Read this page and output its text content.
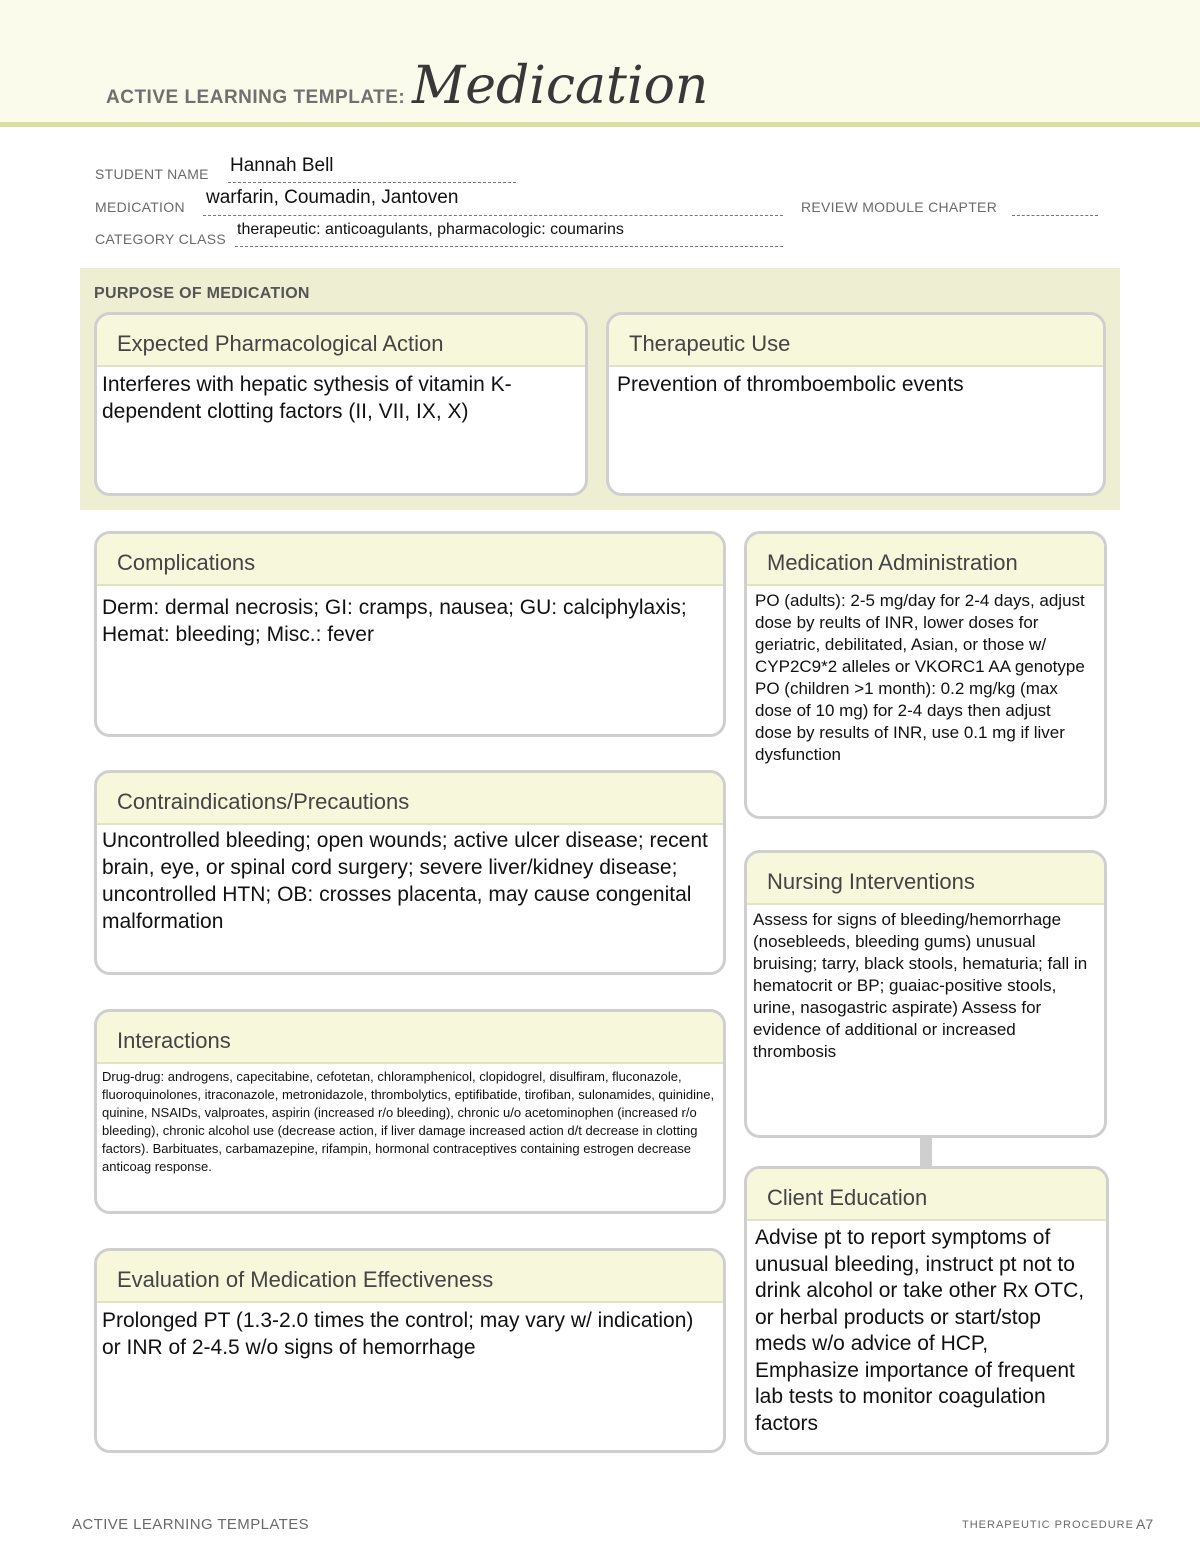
ACTIVE LEARNING TEMPLATE: Medication
STUDENT NAME Hannah Bell
MEDICATION warfarin, Coumadin, Jantoven	REVIEW MODULE CHAPTER
CATEGORY CLASS
therapeutic: anticoagulants, pharmacologic: coumarins
PURPOSE OF MEDICATION
Expected Pharmacological Action
Interferes with hepatic sythesis of vitamin K-dependent clotting factors (II, VII, IX, X)
Therapeutic Use
Prevention of thromboembolic events
Complications
Derm: dermal necrosis; GI: cramps, nausea; GU: calciphylaxis; Hemat: bleeding; Misc.: fever
Contraindications/Precautions
Uncontrolled bleeding; open wounds; active ulcer disease; recent brain, eye, or spinal cord surgery; severe liver/kidney disease; uncontrolled HTN; OB: crosses placenta, may cause congenital malformation
Interactions
Drug-drug: androgens, capecitabine, cefotetan, chloramphenicol, clopidogrel, disulfiram, fluconazole, fluoroquinolones, itraconazole, metronidazole, thrombolytics, eptifibatide, tirofiban, sulonamides, quinidine, quinine, NSAIDs, valproates, aspirin (increased r/o bleeding), chronic u/o acetominophen (increased r/o bleeding), chronic alcohol use (decrease action, if liver damage increased action d/t decrease in clotting factors). Barbituates, carbamazepine, rifampin, hormonal contraceptives containing estrogen decrease anticoag response.
Evaluation of Medication Effectiveness
Prolonged PT (1.3-2.0 times the control; may vary w/ indication) or INR of 2-4.5 w/o signs of hemorrhage
Medication Administration
PO (adults): 2-5 mg/day for 2-4 days, adjust dose by reults of INR, lower doses for geriatric, debilitated, Asian, or those w/ CYP2C9*2 alleles or VKORC1 AA genotype PO (children >1 month): 0.2 mg/kg (max dose of 10 mg) for 2-4 days then adjust dose by results of INR, use 0.1 mg if liver dysfunction
Nursing Interventions
Assess for signs of bleeding/hemorrhage (nosebleeds, bleeding gums) unusual bruising; tarry, black stools, hematuria; fall in hematocrit or BP; guaiac-positive stools, urine, nasogastric aspirate) Assess for evidence of additional or increased thrombosis
Client Education
Advise pt to report symptoms of unusual bleeding, instruct pt not to drink alcohol or take other Rx OTC, or herbal products or start/stop meds w/o advice of HCP, Emphasize importance of frequent lab tests to monitor coagulation factors
ACTIVE LEARNING TEMPLATES	THERAPEUTIC PROCEDURE A7
